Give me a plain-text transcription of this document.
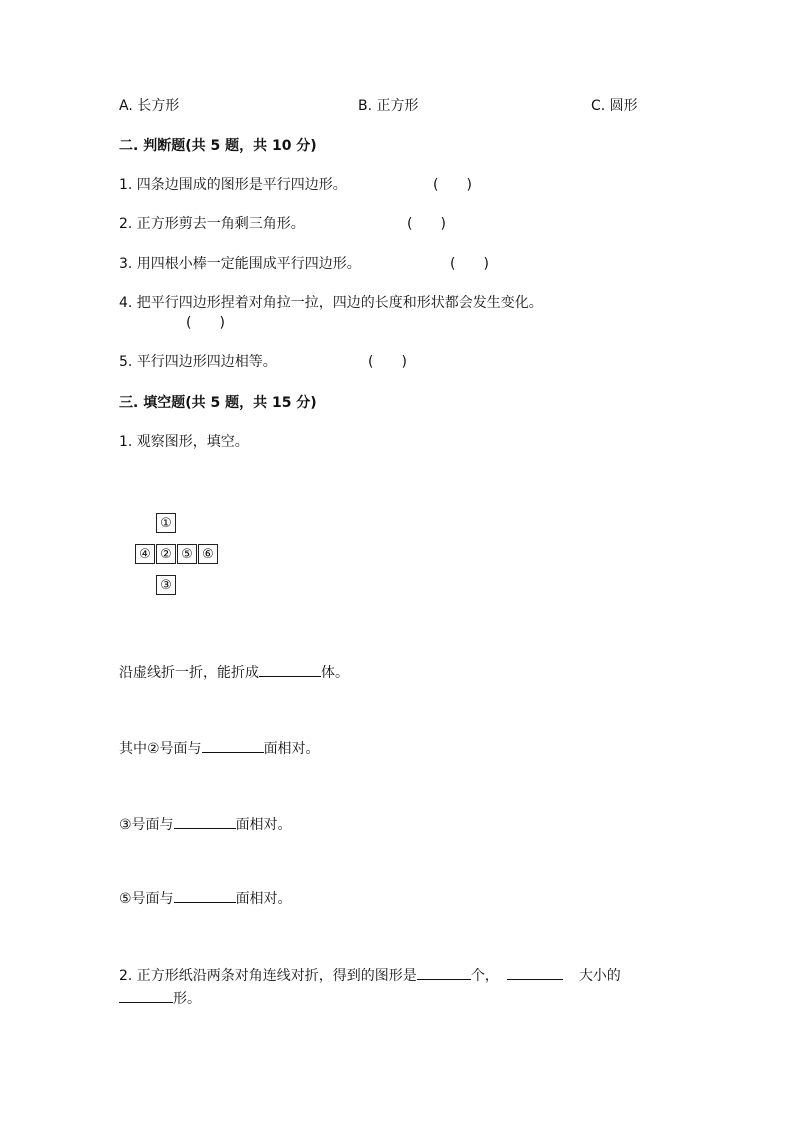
A. 长方形	B. 正方形	C. 圆形
二. 判断题(共 5 题，共 10 分)
1. 四条边围成的图形是平行四边形。	(　　)
2. 正方形剪去一角剩三角形。	(　　)
3. 用四根小棒一定能围成平行四边形。	(　　)
4. 把平行四边形捏着对角拉一拉，四边的长度和形状都会发生变化。
(　　)
5. 平行四边形四边相等。	(　　)
三. 填空题(共 5 题，共 15 分)
1. 观察图形，填空。
①
④ ② ⑤ ⑥
③
沿虚线折一折，能折成	体。
其中②号面与	面相对。
③号面与	面相对。
⑤号面与	面相对。
2. 正方形纸沿两条对角连线对折，得到的图形是	个，	大小的
形。
